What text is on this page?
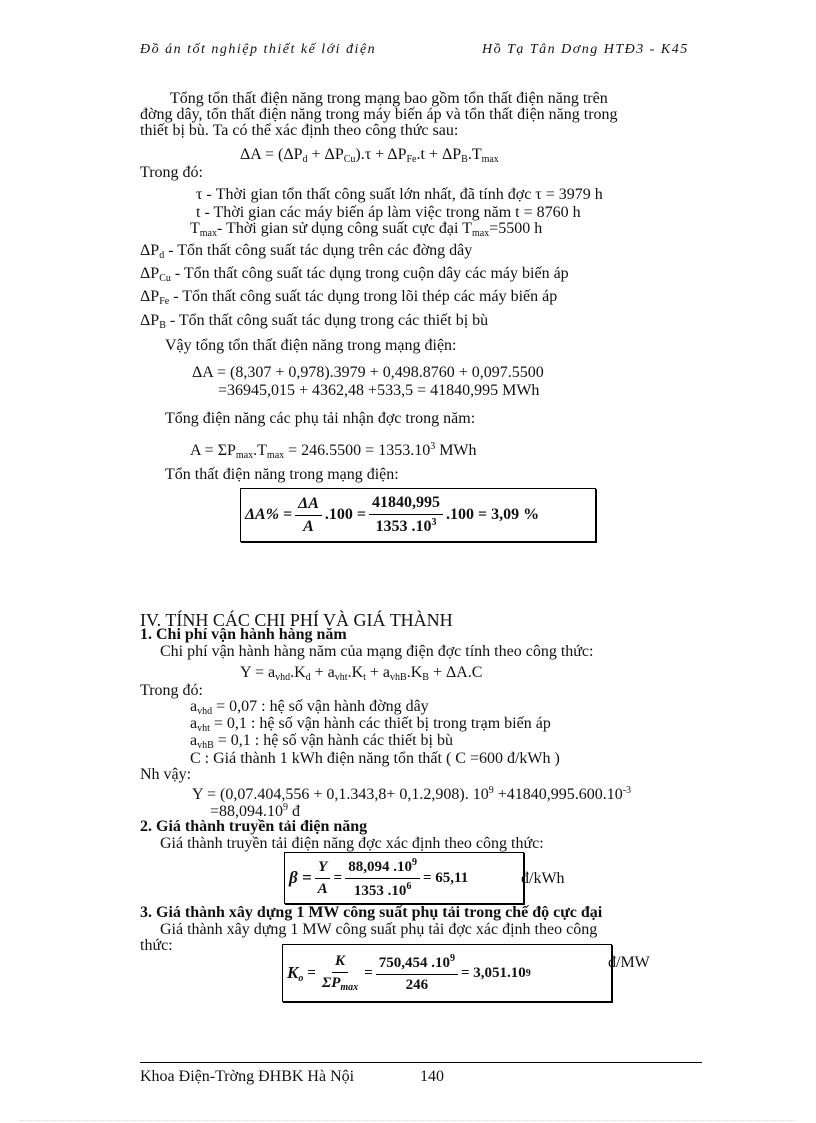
Đồ án tốt nghiệp thiết kế lới điện	Hồ Tạ Tân Dơng HTĐ3 - K45
Tổng tổn thất điện năng trong mạng bao gồm tổn thất điện năng trên
đờng dây, tổn thất điện năng trong máy biến áp và tổn thất điện năng trong
thiết bị bù. Ta có thể xác định theo công thức sau:
$\Delta A = (\Delta P_d + \Delta P_{Cu}).\tau + \Delta P_{Fe}.t + \Delta P_B.T_{max}$
Trong đó:
τ - Thời gian tổn thất công suất lớn nhất, đã tính đợc τ = 3979 h
t - Thời gian các máy biến áp làm việc trong năm t = 8760 h
$T_{max}-$ Thời gian sử dụng công suất cực đại $T_{max}=5500$ h
$\Delta P_d$ - Tổn thất công suất tác dụng trên các đờng dây
$\Delta P_{Cu}$ - Tổn thất công suất tác dụng trong cuộn dây các máy biến áp
$\Delta P_{Fe}$ - Tổn thất công suất tác dụng trong lõi thép các máy biến áp
$\Delta P_B$ - Tổn thất công suất tác dụng trong các thiết bị bù
Vậy tổng tổn thất điện năng trong mạng điện:
ΔA = (8,307 + 0,978).3979 + 0,498.8760 + 0,097.5500
=36945,015 + 4362,48 +533,5 = 41840,995 MWh
Tổng điện năng các phụ tải nhận đợc trong năm:
$A = \Sigma P_{max}.T_{max} = 246.5500 = 1353.10^3$ MWh
Tổn thất điện năng trong mạng điện:
$\Delta A\% = \frac{\Delta A}{A} .100 = \frac{41840,995}{1353 .10^3} .100 = 3,09$ %
IV. TÍNH CÁC CHI PHÍ VÀ GIÁ THÀNH
1. Chi phí vận hành hàng năm
Chi phí vận hành hàng năm của mạng điện đợc tính theo công thức:
$Y = a_{vhd}.K_d + a_{vht}.K_t + a_{vhB}.K_B + \Delta A.C$
Trong đó:
$a_{vhd} = 0,07$ : hệ số vận hành đờng dây
$a_{vht} = 0,1$ : hệ số vận hành các thiết bị trong trạm biến áp
$a_{vhB} = 0,1$ : hệ số vận hành các thiết bị bù
C : Giá thành 1 kWh điện năng tổn thất ( C =600 đ/kWh )
Nh vậy:
Y = (0,07.404,556 + 0,1.343,8+ 0,1.2,908). $10^9 +41840,995.600.10^{-3}$
$=88,094.10^9$ đ
2. Giá thành truyền tải điện năng
Giá thành truyền tải điện năng đợc xác định theo công thức:
$\beta = \frac{Y}{A} = \frac{88,094 .10^9}{1353 .10^6} = 65,11$	đ/kWh
3. Giá thành xây dựng 1 MW công suất phụ tải trong chế độ cực đại
Giá thành xây dựng 1 MW công suất phụ tải đợc xác định theo công
thức:
$K_o = \frac{K}{\Sigma P_{max}} = \frac{750,454 .10^9}{246} = 3,051.10$ 9
đ/MW
Khoa Điện-Trờng ĐHBK Hà Nội	140
